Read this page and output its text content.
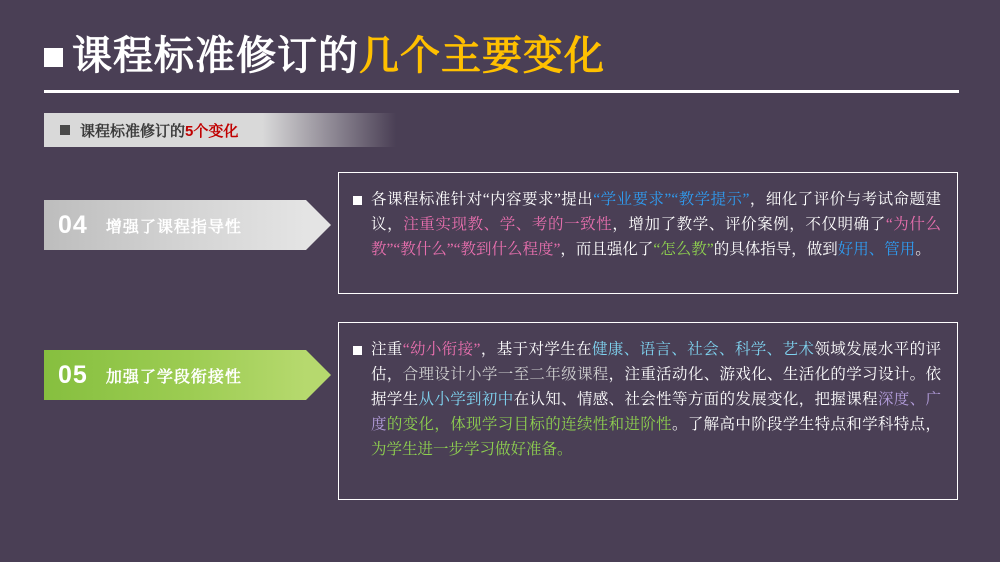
课程标准修订的 几个主要变化
课程标准修订的5个变化
04 增强了课程指导性
各课程标准针对“内容要求”提出“学业要求”“教学提示”，细化了评价与考试命题建议，注重实现教、学、考的一致性，增加了教学、评价案例，不仅明确了“为什么教”“教什么”“教到什么程度”，而且强化了“怎么教”的具体指导，做到好用、管用。
05 加强了学段衔接性
注重“幼小衔接”，基于对学生在健康、语言、社会、科学、艺术领域发展水平的评估，合理设计小学一至二年级课程，注重活动化、游戏化、生活化的学习设计。依据学生从小学到初中在认知、情感、社会性等方面的发展变化，把握课程深度、广度的变化，体现学习目标的连续性和进阶性。了解高中阶段学生特点和学科特点，为学生进一步学习做好准备。
